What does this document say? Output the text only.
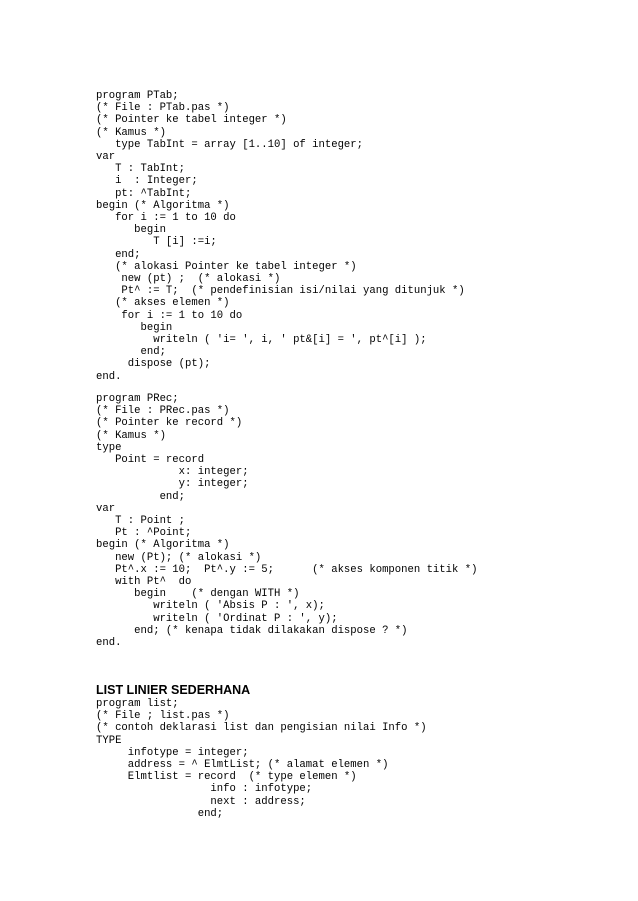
program PTab;
(* File : PTab.pas *)
(* Pointer ke tabel integer *)
(* Kamus *)
type TabInt = array [1..10] of integer;
var
T : TabInt;
i  : Integer;
pt: ^TabInt;
begin (* Algoritma *)
for i := 1 to 10 do
begin
T [i] :=i;
end;
(* alokasi Pointer ke tabel integer *)
new (pt) ;  (* alokasi *)
Pt^ := T;  (* pendefinisian isi/nilai yang ditunjuk *)
(* akses elemen *)
for i := 1 to 10 do
begin
writeln ( 'i= ', i, ' pt&[i] = ', pt^[i] );
end;
dispose (pt);
end.
program PRec;
(* File : PRec.pas *)
(* Pointer ke record *)
(* Kamus *)
type
Point = record
x: integer;
y: integer;
end;
var
T : Point ;
Pt : ^Point;
begin (* Algoritma *)
new (Pt); (* alokasi *)
Pt^.x := 10;  Pt^.y := 5;      (* akses komponen titik *)
with Pt^  do
begin    (* dengan WITH *)
writeln ( 'Absis P : ', x);
writeln ( 'Ordinat P : ', y);
end; (* kenapa tidak dilakakan dispose ? *)
end.
LIST LINIER SEDERHANA
program list;
(* File ; list.pas *)
(* contoh deklarasi list dan pengisian nilai Info *)
TYPE
infotype = integer;
address = ^ ElmtList; (* alamat elemen *)
Elmtlist = record  (* type elemen *)
info : infotype;
next : address;
end;
